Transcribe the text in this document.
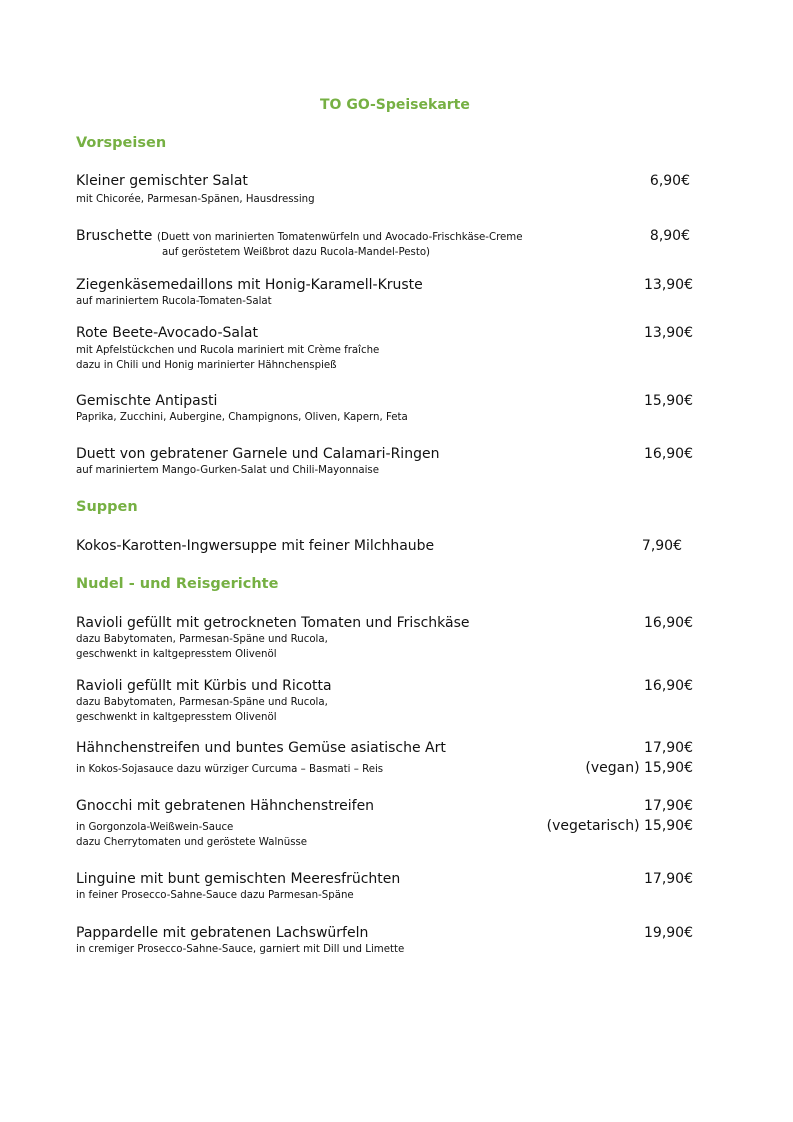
TO GO-Speisekarte
Vorspeisen
Kleiner gemischter Salat
mit Chicorée, Parmesan-Spänen, Hausdressing
6,90€
Bruschette (Duett von marinierten Tomatenwürfeln und Avocado-Frischkäse-Creme
auf geröstetem Weißbrot dazu Rucola-Mandel-Pesto)
8,90€
Ziegenkäsemedaillons mit Honig-Karamell-Kruste
auf mariniertem Rucola-Tomaten-Salat
13,90€
Rote Beete-Avocado-Salat
mit Apfelstückchen und Rucola mariniert mit Crème fraîche
dazu in Chili und Honig marinierter Hähnchenspieß
13,90€
Gemischte Antipasti
Paprika, Zucchini, Aubergine, Champignons, Oliven, Kapern, Feta
15,90€
Duett von gebratener Garnele und Calamari-Ringen
auf mariniertem Mango-Gurken-Salat und Chili-Mayonnaise
16,90€
Suppen
Kokos-Karotten-Ingwersuppe mit feiner Milchhaube	7,90€
Nudel - und Reisgerichte
Ravioli gefüllt mit getrockneten Tomaten und Frischkäse
dazu Babytomaten, Parmesan-Späne und Rucola,
geschwenkt in kaltgepresstem Olivenöl
16,90€
Ravioli gefüllt mit Kürbis und Ricotta
dazu Babytomaten, Parmesan-Späne und Rucola,
geschwenkt in kaltgepresstem Olivenöl
16,90€
Hähnchenstreifen und buntes Gemüse asiatische Art
in Kokos-Sojasauce dazu würziger Curcuma – Basmati – Reis
17,90€
(vegan) 15,90€
Gnocchi mit gebratenen Hähnchenstreifen
in Gorgonzola-Weißwein-Sauce
dazu Cherrytomaten und geröstete Walnüsse
17,90€
(vegetarisch) 15,90€
Linguine mit bunt gemischten Meeresfrüchten
in feiner Prosecco-Sahne-Sauce dazu Parmesan-Späne
17,90€
Pappardelle mit gebratenen Lachswürfeln
in cremiger Prosecco-Sahne-Sauce, garniert mit Dill und Limette
19,90€
